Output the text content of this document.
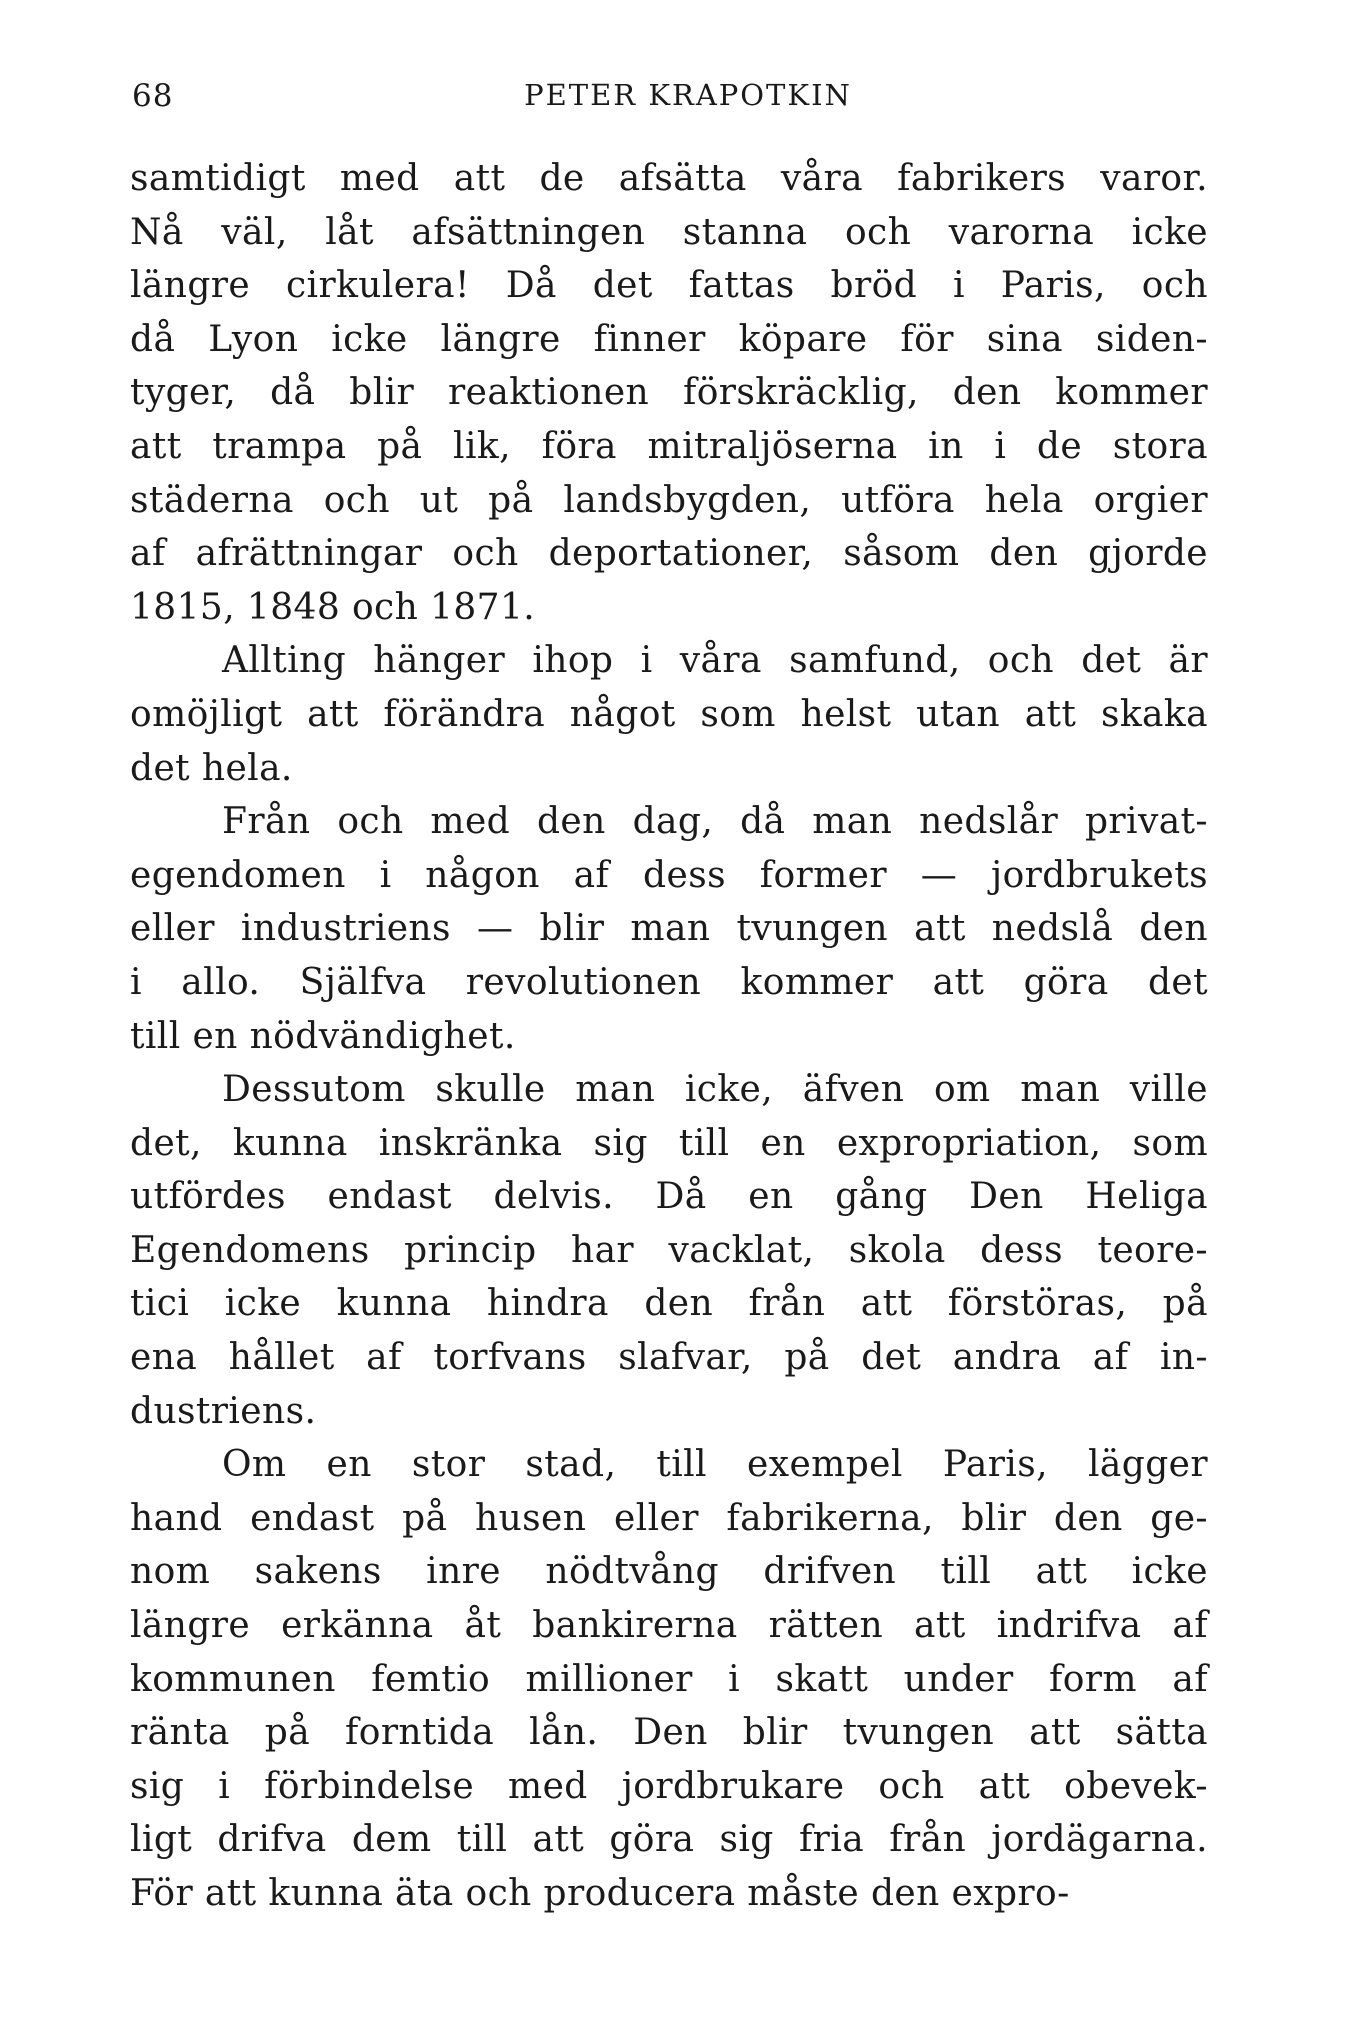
68	PETER KRAPOTKIN
samtidigt med att de afsätta våra fabrikers varor.
Nå väl, låt afsättningen stanna och varorna icke
längre cirkulera! Då det fattas bröd i Paris, och
då Lyon icke längre finner köpare för sina siden-
tyger, då blir reaktionen förskräcklig, den kommer
att trampa på lik, föra mitraljöserna in i de stora
städerna och ut på landsbygden, utföra hela orgier
af afrättningar och deportationer, såsom den gjorde
1815, 1848 och 1871.
Allting hänger ihop i våra samfund, och det är
omöjligt att förändra något som helst utan att skaka
det hela.
Från och med den dag, då man nedslår privat-
egendomen i någon af dess former — jordbrukets
eller industriens — blir man tvungen att nedslå den
i allo. Själfva revolutionen kommer att göra det
till en nödvändighet.
Dessutom skulle man icke, äfven om man ville
det, kunna inskränka sig till en expropriation, som
utfördes endast delvis. Då en gång Den Heliga
Egendomens princip har vacklat, skola dess teore-
tici icke kunna hindra den från att förstöras, på
ena hållet af torfvans slafvar, på det andra af in-
dustriens.
Om en stor stad, till exempel Paris, lägger
hand endast på husen eller fabrikerna, blir den ge-
nom sakens inre nödtvång drifven till att icke
längre erkänna åt bankirerna rätten att indrifva af
kommunen femtio millioner i skatt under form af
ränta på forntida lån. Den blir tvungen att sätta
sig i förbindelse med jordbrukare och att obevek-
ligt drifva dem till att göra sig fria från jordägarna.
För att kunna äta och producera måste den expro-
